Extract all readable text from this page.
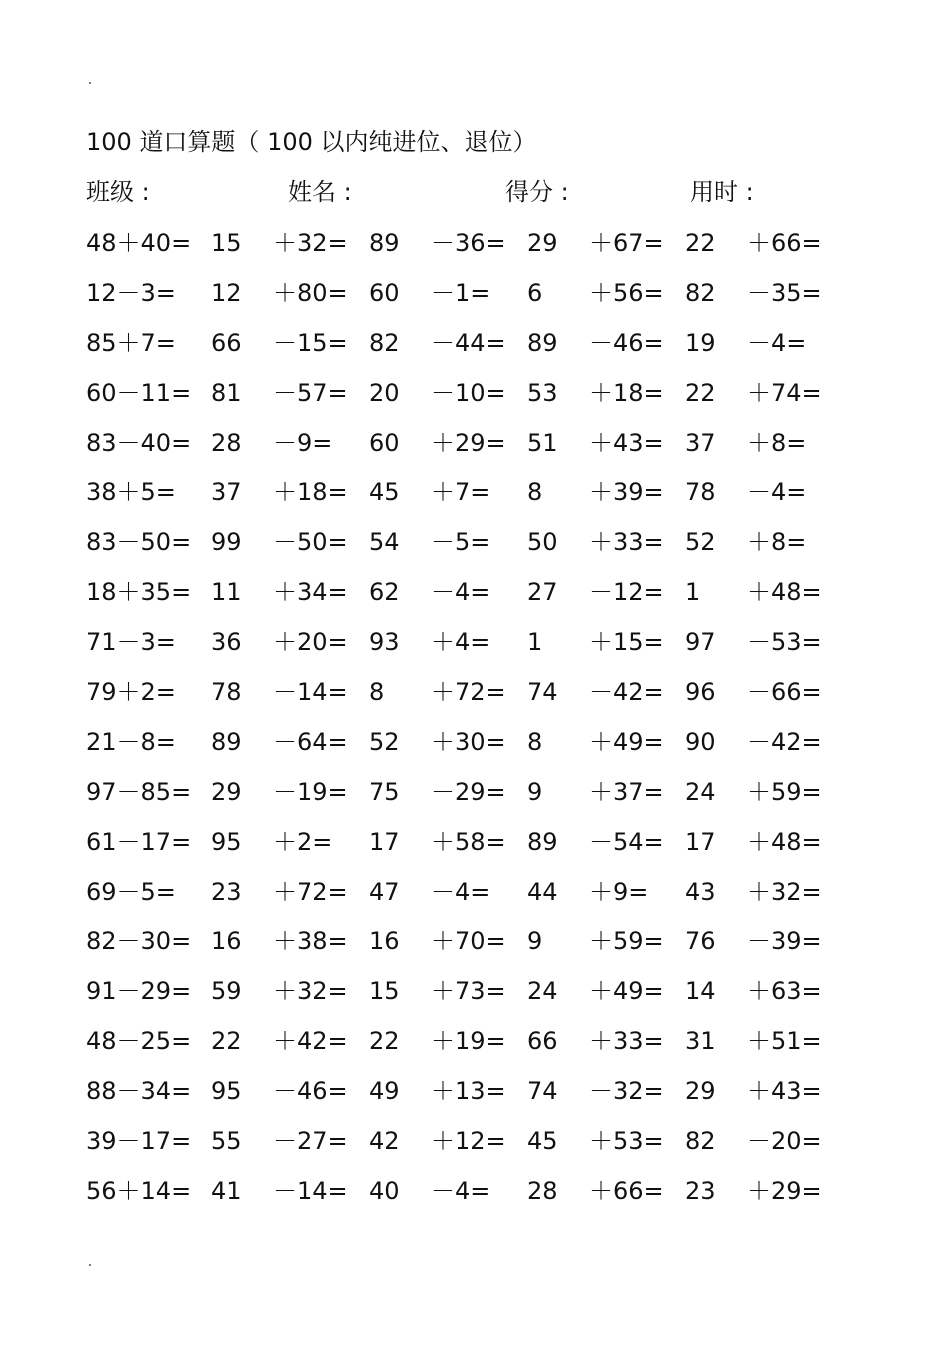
100 道口算题（ 100 以内纯进位、退位）
班级 :	姓名 :	得分 :	用时 :
48＋40= 15 ＋32= 89 －36= 29 ＋67= 22 ＋66=
12－3= 12 ＋80= 60 －1= 6 ＋56= 82 －35=
85＋7= 66 －15= 82 －44= 89 －46= 19 －4=
60－11= 81 －57= 20 －10= 53 ＋18= 22 ＋74=
83－40= 28 －9= 60 ＋29= 51 ＋43= 37 ＋8=
38＋5= 37 ＋18= 45 ＋7= 8 ＋39= 78 －4=
83－50= 99 －50= 54 －5= 50 ＋33= 52 ＋8=
18＋35= 11 ＋34= 62 －4= 27 －12= 1 ＋48=
71－3= 36 ＋20= 93 ＋4= 1 ＋15= 97 －53=
79＋2= 78 －14= 8 ＋72= 74 －42= 96 －66=
21－8= 89 －64= 52 ＋30= 8 ＋49= 90 －42=
97－85= 29 －19= 75 －29= 9 ＋37= 24 ＋59=
61－17= 95 ＋2= 17 ＋58= 89 －54= 17 ＋48=
69－5= 23 ＋72= 47 －4= 44 ＋9= 43 ＋32=
82－30= 16 ＋38= 16 ＋70= 9 ＋59= 76 －39=
91－29= 59 ＋32= 15 ＋73= 24 ＋49= 14 ＋63=
48－25= 22 ＋42= 22 ＋19= 66 ＋33= 31 ＋51=
88－34= 95 －46= 49 ＋13= 74 －32= 29 ＋43=
39－17= 55 －27= 42 ＋12= 45 ＋53= 82 －20=
56＋14= 41 －14= 40 －4= 28 ＋66= 23 ＋29=
